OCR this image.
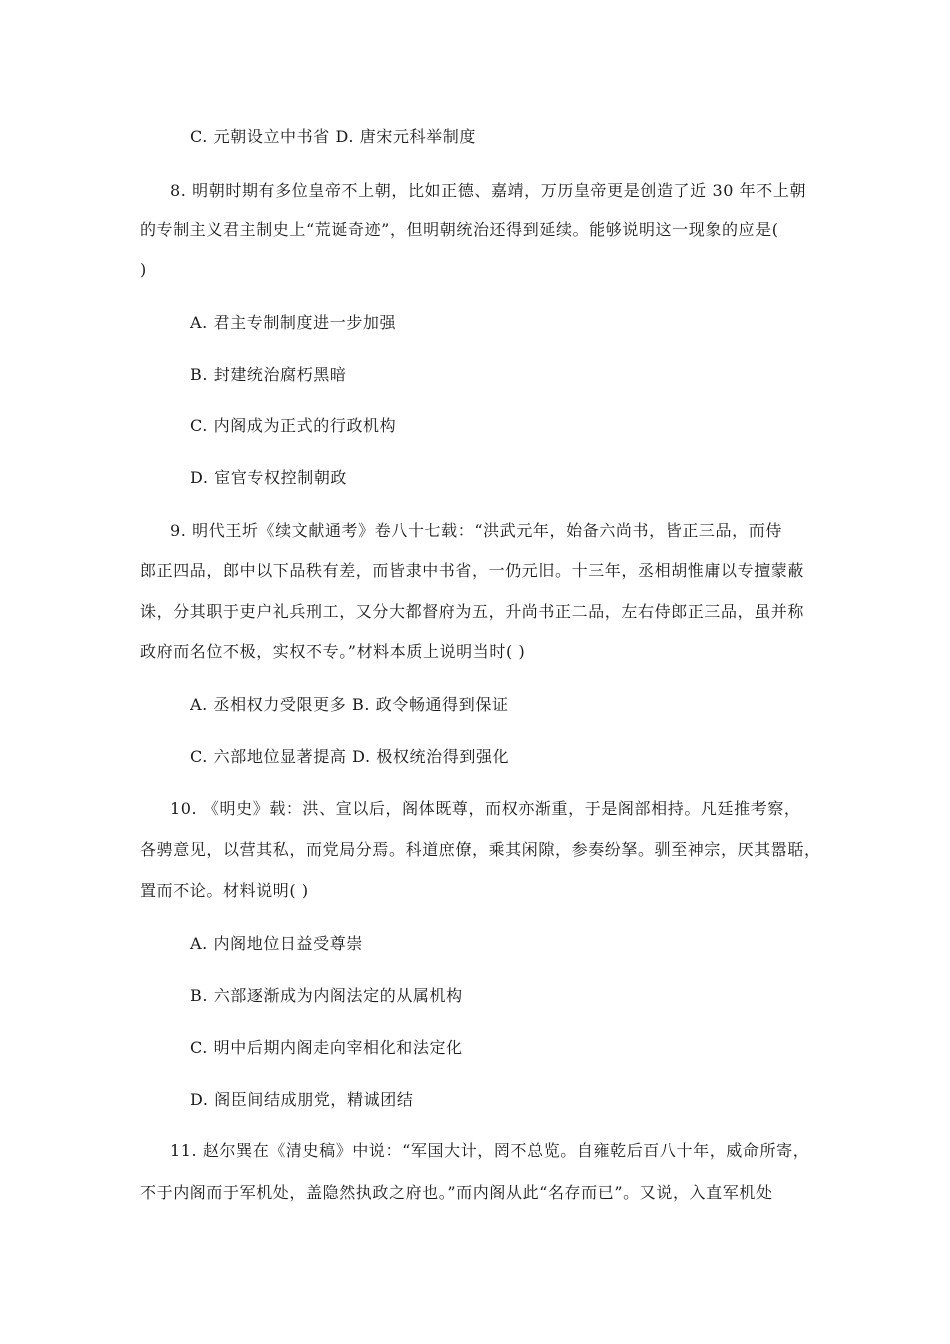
C. 元朝设立中书省 D. 唐宋元科举制度
8. 明朝时期有多位皇帝不上朝，比如正德、嘉靖，万历皇帝更是创造了近 30 年不上朝
的专制主义君主制史上“荒诞奇迹”，但明朝统治还得到延续。能够说明这一现象的应是(
)
A. 君主专制制度进一步加强
B. 封建统治腐朽黑暗
C. 内阁成为正式的行政机构
D. 宦官专权控制朝政
9. 明代王圻《续文献通考》卷八十七载：“洪武元年，始备六尚书，皆正三品，而侍
郎正四品，郎中以下品秩有差，而皆隶中书省，一仍元旧。十三年，丞相胡惟庸以专擅蒙蔽
诛，分其职于吏户礼兵刑工，又分大都督府为五，升尚书正二品，左右侍郎正三品，虽并称
政府而名位不极，实权不专。”材料本质上说明当时( )
A. 丞相权力受限更多 B. 政令畅通得到保证
C. 六部地位显著提高 D. 极权统治得到强化
10. 《明史》载：洪、宣以后，阁体既尊，而权亦渐重，于是阁部相持。凡廷推考察，
各骋意见，以营其私，而党局分焉。科道庶僚，乘其闲隙，参奏纷拏。驯至神宗，厌其嚣聒，
置而不论。材料说明( )
A. 内阁地位日益受尊崇
B. 六部逐渐成为内阁法定的从属机构
C. 明中后期内阁走向宰相化和法定化
D. 阁臣间结成朋党，精诚团结
11. 赵尔巽在《清史稿》中说：“军国大计，罔不总览。自雍乾后百八十年，威命所寄，
不于内阁而于军机处，盖隐然执政之府也。”而内阁从此“名存而已”。又说，入直军机处
